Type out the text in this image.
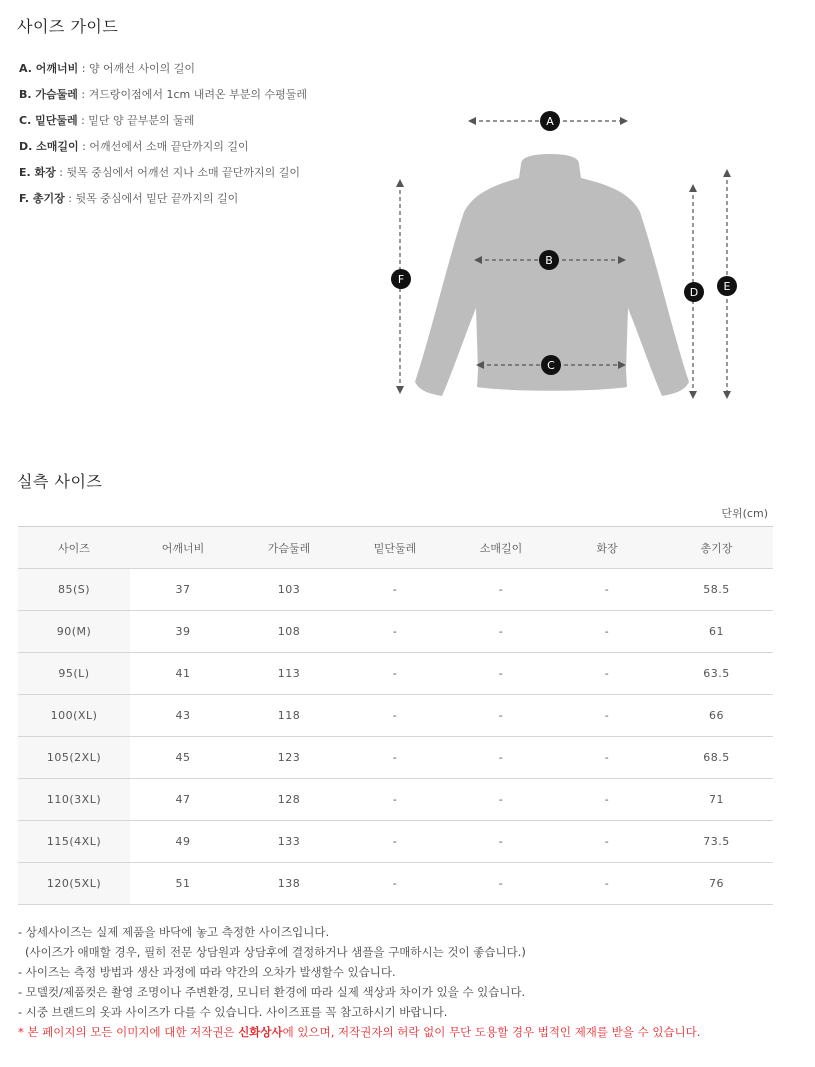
사이즈 가이드
A. 어깨너비 : 양 어깨선 사이의 길이
B. 가슴둘레 : 겨드랑이점에서 1cm 내려온 부분의 수평둘레
C. 밑단둘레 : 밑단 양 끝부분의 둘레
D. 소매길이 : 어깨선에서 소매 끝단까지의 길이
E. 화장 : 뒷목 중심에서 어깨선 지나 소매 끝단까지의 길이
F. 총기장 : 뒷목 중심에서 밑단 끝까지의 길이
A
B
C
F
D E
실측 사이즈
단위(cm)
사이즈	어깨너비	가슴둘레	밑단둘레	소매길이	화장	총기장
85(S)	37	103	-	-	-	58.5
90(M)	39	108	-	-	-	61
95(L)	41	113	-	-	-	63.5
100(XL)	43	118	-	-	-	66
105(2XL)	45	123	-	-	-	68.5
110(3XL)	47	128	-	-	-	71
115(4XL)	49	133	-	-	-	73.5
120(5XL)	51	138	-	-	-	76
- 상세사이즈는 실제 제품을 바닥에 놓고 측정한 사이즈입니다.
(사이즈가 애매할 경우, 필히 전문 상담원과 상담후에 결정하거나 샘플을 구매하시는 것이 좋습니다.)
- 사이즈는 측정 방법과 생산 과정에 따라 약간의 오차가 발생할수 있습니다.
- 모델컷/제품컷은 촬영 조명이나 주변환경, 모니터 환경에 따라 실제 색상과 차이가 있을 수 있습니다.
- 시중 브랜드의 옷과 사이즈가 다를 수 있습니다. 사이즈표를 꼭 참고하시기 바랍니다.
* 본 페이지의 모든 이미지에 대한 저작권은 신화상사에 있으며, 저작권자의 허락 없이 무단 도용할 경우 법적인 제재를 받을 수 있습니다.
